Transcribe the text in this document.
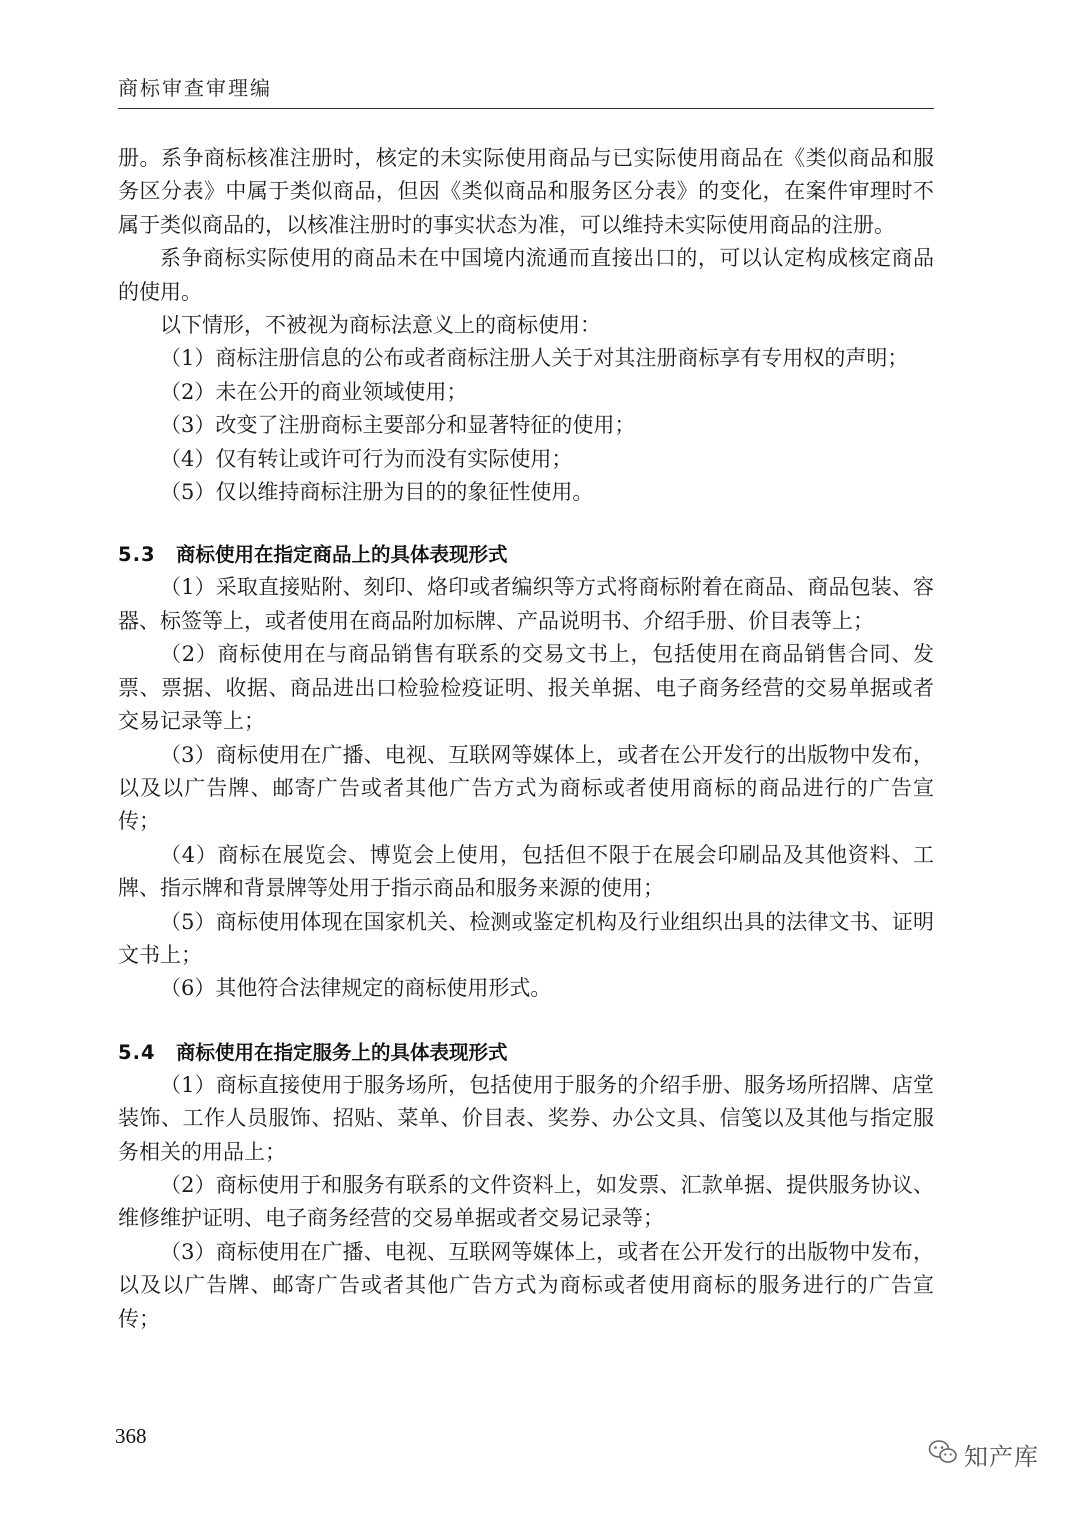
商标审查审理编

册。系争商标核准注册时，核定的未实际使用商品与已实际使用商品在《类似商品和服务区分表》中属于类似商品，但因《类似商品和服务区分表》的变化，在案件审理时不属于类似商品的，以核准注册时的事实状态为准，可以维持未实际使用商品的注册。

系争商标实际使用的商品未在中国境内流通而直接出口的，可以认定构成核定商品的使用。

以下情形，不被视为商标法意义上的商标使用：

（1）商标注册信息的公布或者商标注册人关于对其注册商标享有专用权的声明；

（2）未在公开的商业领域使用；

（3）改变了注册商标主要部分和显著特征的使用；

（4）仅有转让或许可行为而没有实际使用；

（5）仅以维持商标注册为目的的象征性使用。

5.3 商标使用在指定商品上的具体表现形式

（1）采取直接贴附、刻印、烙印或者编织等方式将商标附着在商品、商品包装、容器、标签等上，或者使用在商品附加标牌、产品说明书、介绍手册、价目表等上；

（2）商标使用在与商品销售有联系的交易文书上，包括使用在商品销售合同、发票、票据、收据、商品进出口检验检疫证明、报关单据、电子商务经营的交易单据或者交易记录等上；

（3）商标使用在广播、电视、互联网等媒体上，或者在公开发行的出版物中发布，以及以广告牌、邮寄广告或者其他广告方式为商标或者使用商标的商品进行的广告宣传；

（4）商标在展览会、博览会上使用，包括但不限于在展会印刷品及其他资料、工牌、指示牌和背景牌等处用于指示商品和服务来源的使用；

（5）商标使用体现在国家机关、检测或鉴定机构及行业组织出具的法律文书、证明文书上；

（6）其他符合法律规定的商标使用形式。

5.4 商标使用在指定服务上的具体表现形式

（1）商标直接使用于服务场所，包括使用于服务的介绍手册、服务场所招牌、店堂装饰、工作人员服饰、招贴、菜单、价目表、奖券、办公文具、信笺以及其他与指定服务相关的用品上；

（2）商标使用于和服务有联系的文件资料上，如发票、汇款单据、提供服务协议、维修维护证明、电子商务经营的交易单据或者交易记录等；

（3）商标使用在广播、电视、互联网等媒体上，或者在公开发行的出版物中发布，以及以广告牌、邮寄广告或者其他广告方式为商标或者使用商标的服务进行的广告宣传；

368
知产库
